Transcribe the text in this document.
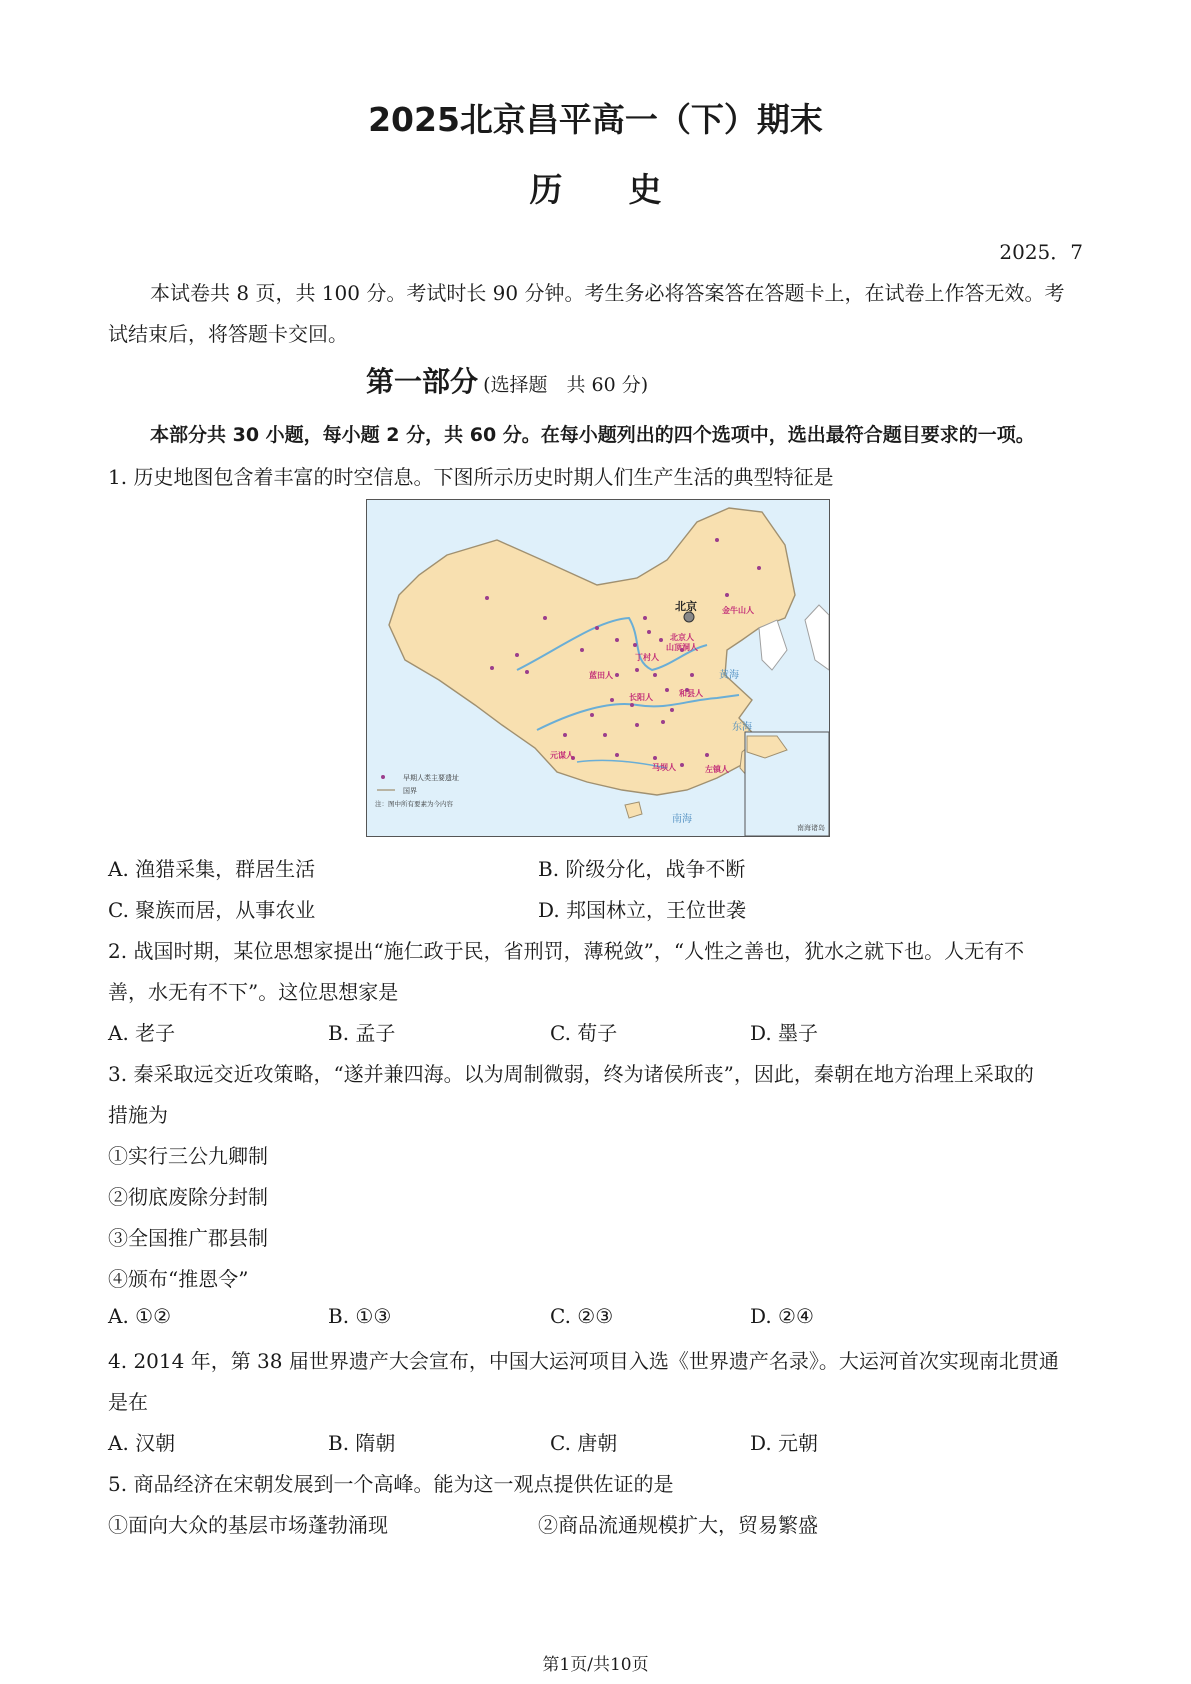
2025北京昌平高一（下）期末
历　　史
2025．7
本试卷共 8 页，共 100 分。考试时长 90 分钟。考生务必将答案答在答题卡上，在试卷上作答无效。考
试结束后，将答题卡交回。
第一部分 (选择题　共 60 分)
本部分共 30 小题，每小题 2 分，共 60 分。在每小题列出的四个选项中，选出最符合题目要求的一项。
1. 历史地图包含着丰富的时空信息。下图所示历史时期人们生产生活的典型特征是
南海诸岛
北京
黄海
东海
南海
金牛山人
北京人
山顶洞人
丁村人
蓝田人
和县人
长阳人
元谋人
马坝人	左镇人
早期人类主要遗址
国界
注：图中所有要素为今内容
A. 渔猎采集，群居生活	B. 阶级分化，战争不断
C. 聚族而居，从事农业	D. 邦国林立，王位世袭
2. 战国时期，某位思想家提出“施仁政于民，省刑罚，薄税敛”，“人性之善也，犹水之就下也。人无有不
善，水无有不下”。这位思想家是
A. 老子	B. 孟子	C. 荀子	D. 墨子
3. 秦采取远交近攻策略，“遂并兼四海。以为周制微弱，终为诸侯所丧”，因此，秦朝在地方治理上采取的
措施为
①实行三公九卿制
②彻底废除分封制
③全国推广郡县制
④颁布“推恩令”
A. ①②	B. ①③	C. ②③	D. ②④
4. 2014 年，第 38 届世界遗产大会宣布，中国大运河项目入选《世界遗产名录》。大运河首次实现南北贯通
是在
A. 汉朝	B. 隋朝	C. 唐朝	D. 元朝
5. 商品经济在宋朝发展到一个高峰。能为这一观点提供佐证的是
①面向大众的基层市场蓬勃涌现	②商品流通规模扩大，贸易繁盛
第1页/共10页
